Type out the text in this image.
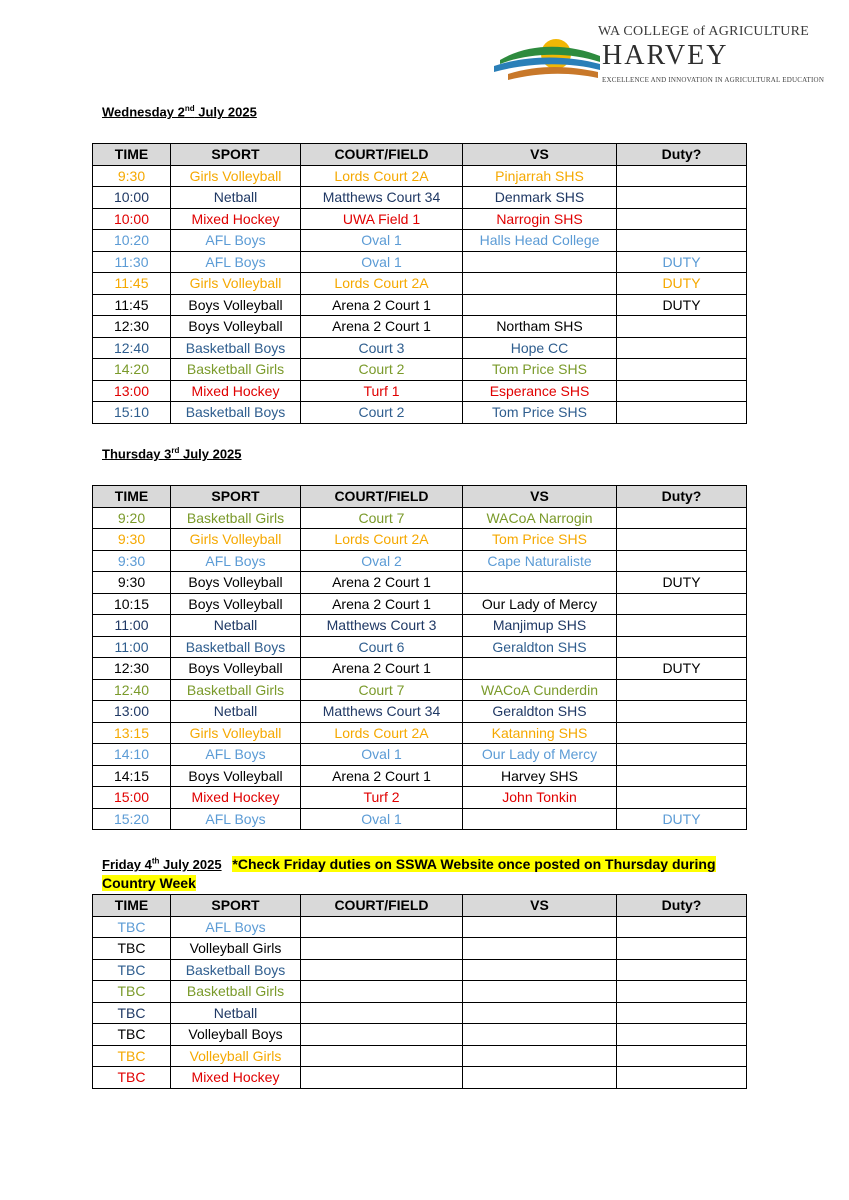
WA COLLEGE of AGRICULTURE
HARVEY
EXCELLENCE AND INNOVATION IN AGRICULTURAL EDUCATION
Wednesday 2nd July 2025
Thursday 3rd July 2025
Friday 4th July 2025 *Check Friday duties on SSWA Website once posted on Thursday during Country Week
TIME	SPORT	COURT/FIELD	VS	Duty?
9:30	Girls Volleyball	Lords Court 2A	Pinjarrah SHS	
10:00	Netball	Matthews Court 34	Denmark SHS	
10:00	Mixed Hockey	UWA Field 1	Narrogin SHS	
10:20	AFL Boys	Oval 1	Halls Head College	
11:30	AFL Boys	Oval 1		DUTY
11:45	Girls Volleyball	Lords Court 2A		DUTY
11:45	Boys Volleyball	Arena 2 Court 1		DUTY
12:30	Boys Volleyball	Arena 2 Court 1	Northam SHS	
12:40	Basketball Boys	Court 3	Hope CC	
14:20	Basketball Girls	Court 2	Tom Price SHS	
13:00	Mixed Hockey	Turf 1	Esperance SHS	
15:10	Basketball Boys	Court 2	Tom Price SHS	
TIME	SPORT	COURT/FIELD	VS	Duty?
9:20	Basketball Girls	Court 7	WACoA Narrogin	
9:30	Girls Volleyball	Lords Court 2A	Tom Price SHS	
9:30	AFL Boys	Oval 2	Cape Naturaliste	
9:30	Boys Volleyball	Arena 2 Court 1		DUTY
10:15	Boys Volleyball	Arena 2 Court 1	Our Lady of Mercy	
11:00	Netball	Matthews Court 3	Manjimup SHS	
11:00	Basketball Boys	Court 6	Geraldton SHS	
12:30	Boys Volleyball	Arena 2 Court 1		DUTY
12:40	Basketball Girls	Court 7	WACoA Cunderdin	
13:00	Netball	Matthews Court 34	Geraldton SHS	
13:15	Girls Volleyball	Lords Court 2A	Katanning SHS	
14:10	AFL Boys	Oval 1	Our Lady of Mercy	
14:15	Boys Volleyball	Arena 2 Court 1	Harvey SHS	
15:00	Mixed Hockey	Turf 2	John Tonkin	
15:20	AFL Boys	Oval 1		DUTY
TIME	SPORT	COURT/FIELD	VS	Duty?
TBC	AFL Boys			
TBC	Volleyball Girls			
TBC	Basketball Boys			
TBC	Basketball Girls			
TBC	Netball			
TBC	Volleyball Boys			
TBC	Volleyball Girls			
TBC	Mixed Hockey			
